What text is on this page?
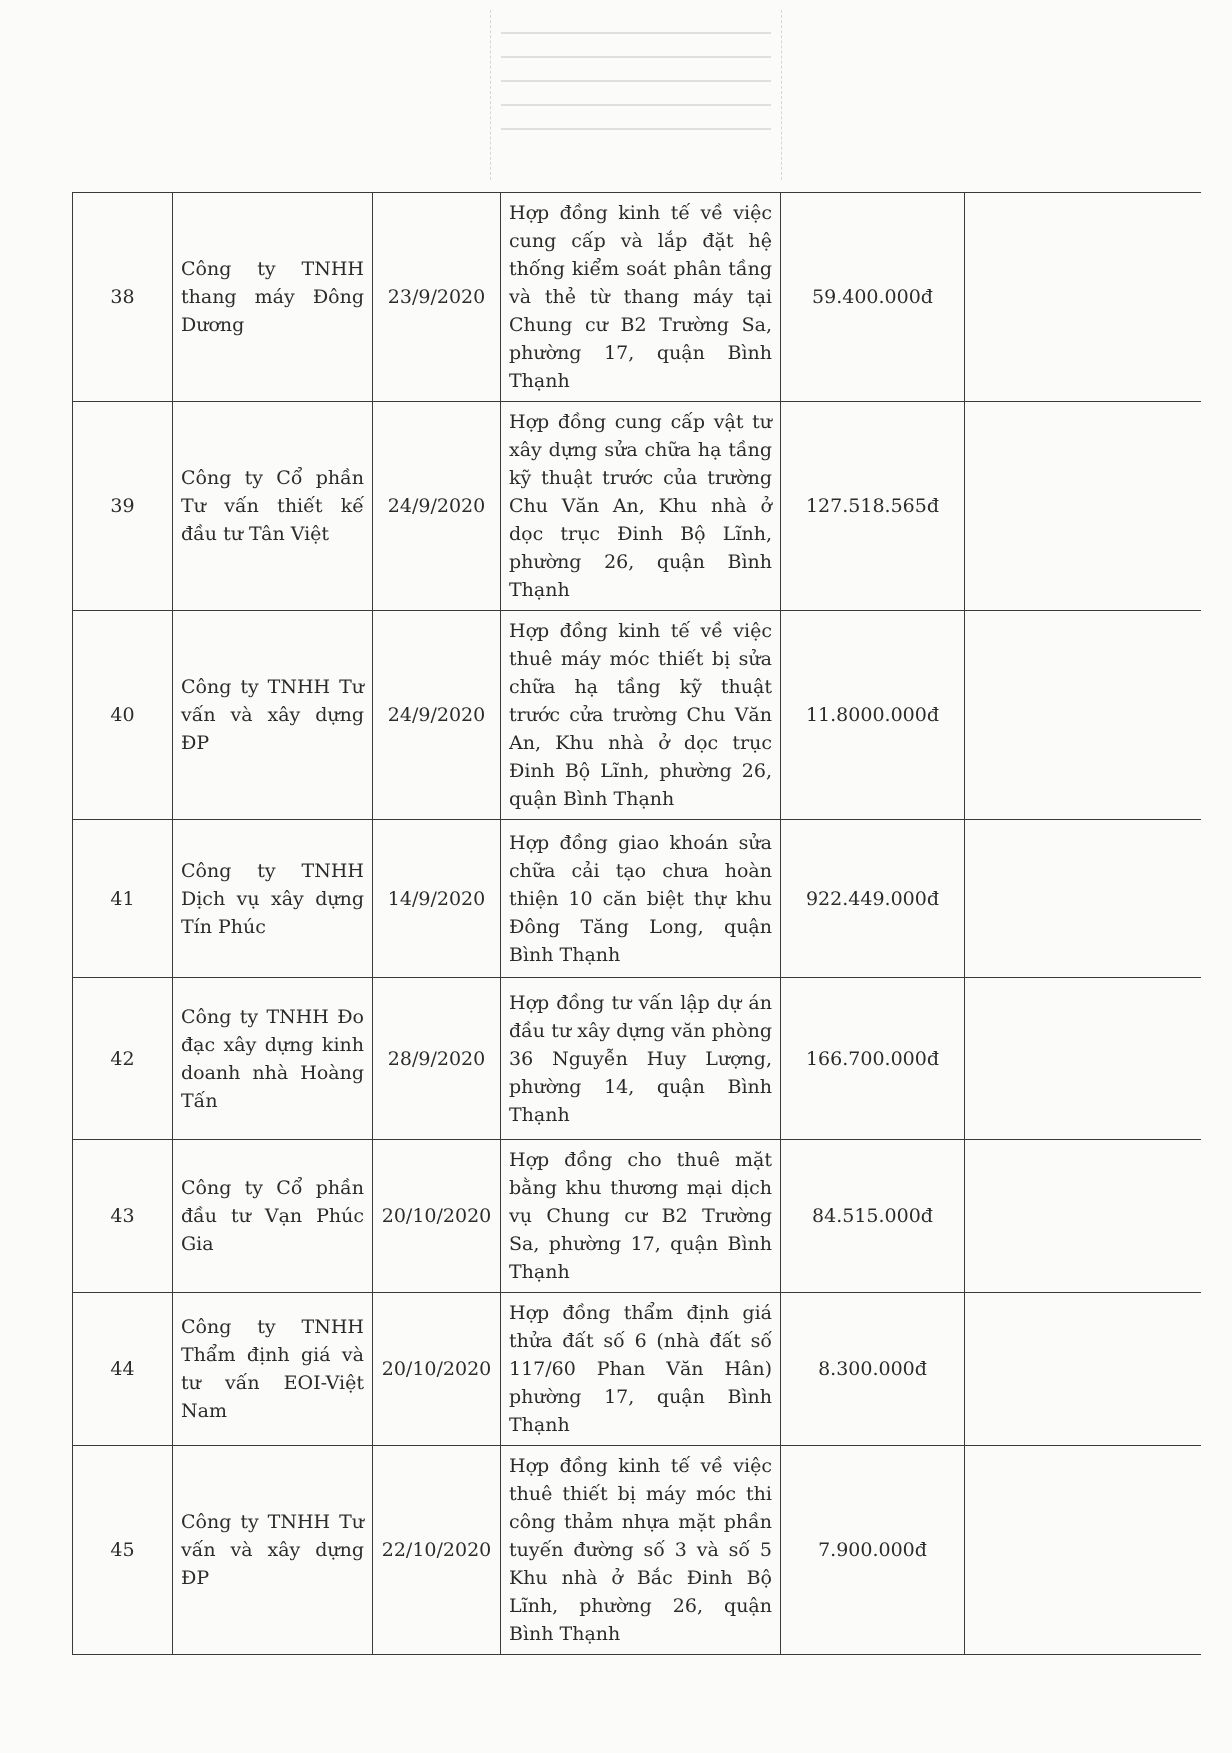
38	Công ty TNHH thang máy Đông Dương	23/9/2020	Hợp đồng kinh tế về việc cung cấp và lắp đặt hệ thống kiểm soát phân tầng và thẻ từ thang máy tại Chung cư B2 Trường Sa, phường 17, quận Bình Thạnh	59.400.000đ	
39	Công ty Cổ phần Tư vấn thiết kế đầu tư Tân Việt	24/9/2020	Hợp đồng cung cấp vật tư xây dựng sửa chữa hạ tầng kỹ thuật trước của trường Chu Văn An, Khu nhà ở dọc trục Đinh Bộ Lĩnh, phường 26, quận Bình Thạnh	127.518.565đ	
40	Công ty TNHH Tư vấn và xây dựng ĐP	24/9/2020	Hợp đồng kinh tế về việc thuê máy móc thiết bị sửa chữa hạ tầng kỹ thuật trước cửa trường Chu Văn An, Khu nhà ở dọc trục Đinh Bộ Lĩnh, phường 26, quận Bình Thạnh	11.8000.000đ	
41	Công ty TNHH Dịch vụ xây dựng Tín Phúc	14/9/2020	Hợp đồng giao khoán sửa chữa cải tạo chưa hoàn thiện 10 căn biệt thự khu Đông Tăng Long, quận Bình Thạnh	922.449.000đ	
42	Công ty TNHH Đo đạc xây dựng kinh doanh nhà Hoàng Tấn	28/9/2020	Hợp đồng tư vấn lập dự án đầu tư xây dựng văn phòng 36 Nguyễn Huy Lượng, phường 14, quận Bình Thạnh	166.700.000đ	
43	Công ty Cổ phần đầu tư Vạn Phúc Gia	20/10/2020	Hợp đồng cho thuê mặt bằng khu thương mại dịch vụ Chung cư B2 Trường Sa, phường 17, quận Bình Thạnh	84.515.000đ	
44	Công ty TNHH Thẩm định giá và tư vấn EOI-Việt Nam	20/10/2020	Hợp đồng thẩm định giá thửa đất số 6 (nhà đất số 117/60 Phan Văn Hân) phường 17, quận Bình Thạnh	8.300.000đ	
45	Công ty TNHH Tư vấn và xây dựng ĐP	22/10/2020	Hợp đồng kinh tế về việc thuê thiết bị máy móc thi công thảm nhựa mặt phần tuyến đường số 3 và số 5 Khu nhà ở Bắc Đinh Bộ Lĩnh, phường 26, quận Bình Thạnh	7.900.000đ	
